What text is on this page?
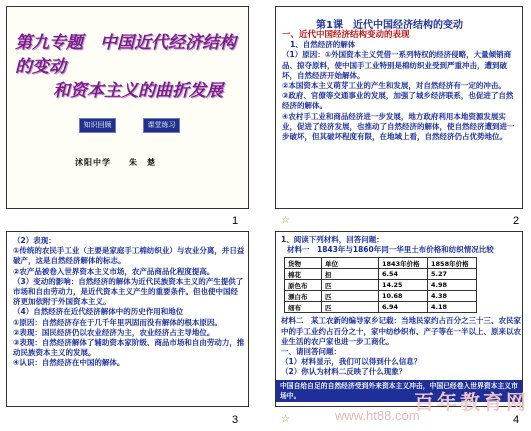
第九专题　中国近代经济结构的变动
和资本主义的曲折发展
知识回顾	课堂练习
沭阳中学　　朱　楚
1
第1课　近代中国经济结构的变动
一、近代中国经济结构变动的表现
1、自然经济的解体
（1）原因：①外国资本主义凭借一系列特权的经济侵略，大量倾销商品、掠夺原料，使中国手工业特别是棉纺织业受到严重冲击，遭到破坏，自然经济开始解体。
②本国资本主义萌芽工业的产生和发展，对自然经济有一定的冲击。
③政府、官僚等交通事业的发展，加强了城乡经济联系，也促进了自然经济的解体。
④农村手工业和商品经济进一步发展，地方政府利用本地资源发展实业，促进了经济发展，也推动了自然经济的解体，使自然经济遭到进一步破坏，但其破坏程度有限，在地域上看，自然经济仍占优势地位。
☆	2
（2）表现：
①传统的农民手工业（主要是家庭手工棉纺织业）与农业分离，并日益破产，这是自然经济解体的标志。
②农产品被卷入世界资本主义市场，农产品商品化程度提高。
（3）变动的影响：自然经济的解体为近代民族资本主义的产生提供了市场和自由劳动力，是近代资本主义产生的重要条件。但也使中国经济更加依附于外国资本主义。
（4）自然经济在近代经济解体中的历史作用和地位
①原因：自然经济存在于几千年里巩固而没有解体的根本原因。
②表现：国民经济仍以农业经济为主，农业经济占主导地位。
③表现：自然经济解体了辅助资本家阶级、商品市场和自由劳动力，推动民族资本主义的发展。
④认识：自然经济在中国的解体。
3
1、阅读下列材料，回答问题：
材料一　1843年与1860年同一华里土布价格和纺织情况比较
货物	单位	1843年价格	1858年价格
棉花	担	6.54	5.27
原色布	匹	14.25	4.98
漂白布	匹	10.68	4.38
细布	匹	6.94	4.18
材料二　某工农新的编导家乡记载：当地民家约占百分之三十三、农民家中的手工业约占百分之十，家中纺纱织布、产子等在一半以上、原来以农业生活的农户家也进一步工商化。
一、请回答问题：
（1）材料显示，我们可以得到什么信息？
（2）你认为材料二反映了什么现象？
中国自给自足的自然经济受到外来资本主义冲击，中国已经卷入世界资本主义市场中。
☆	4
百年教育网
www.ht88.com
